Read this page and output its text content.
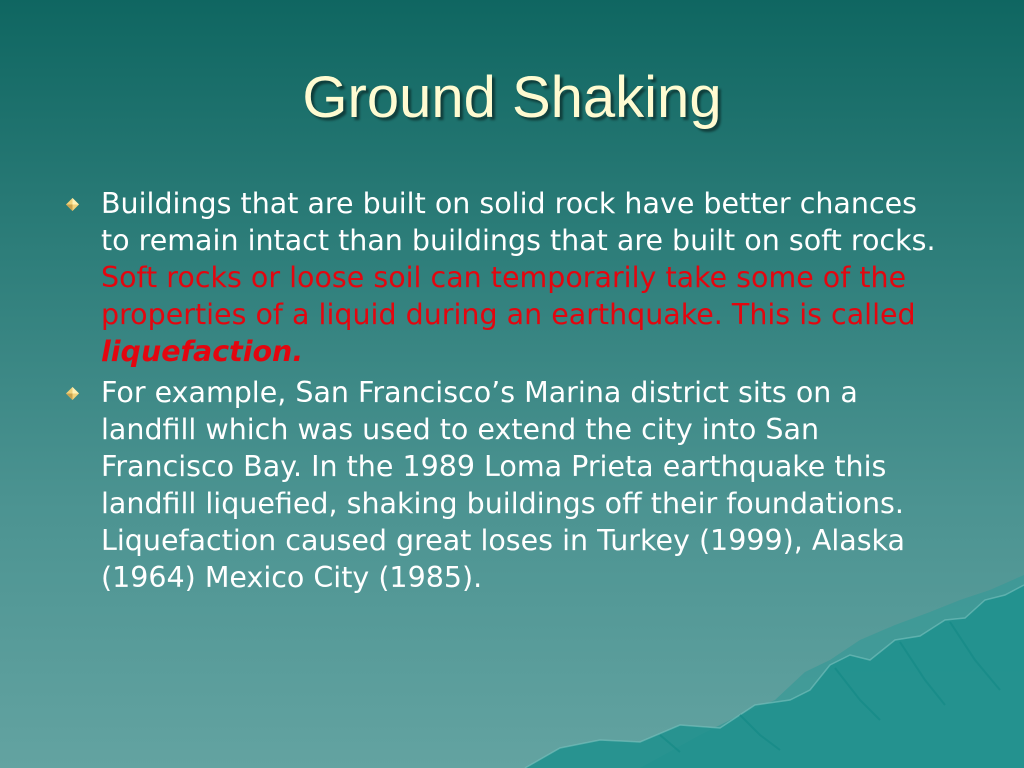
Ground Shaking
Buildings that are built on solid rock have better chances to remain intact than buildings that are built on soft rocks. Soft rocks or loose soil can temporarily take some of the properties of a liquid during an earthquake. This is called liquefaction.
For example, San Francisco’s Marina district sits on a landfill which was used to extend the city into San Francisco Bay. In the 1989 Loma Prieta earthquake this landfill liquefied, shaking buildings off their foundations. Liquefaction caused great loses in Turkey (1999), Alaska (1964) Mexico City (1985).
